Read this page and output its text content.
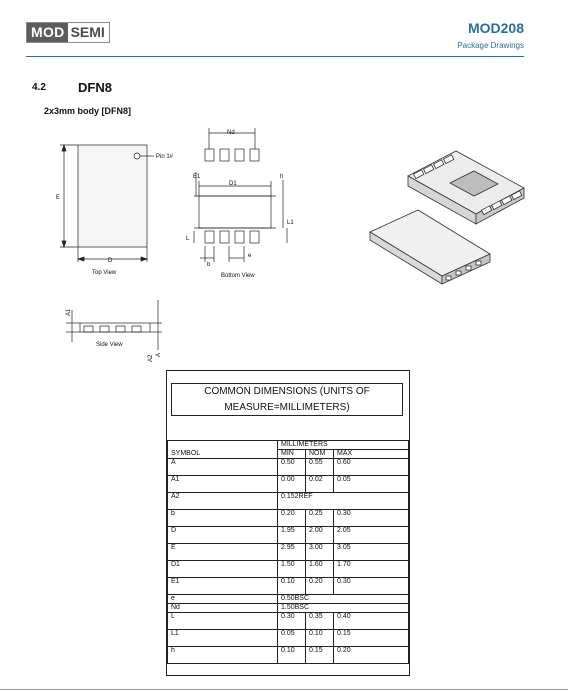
MOD SEMI	MOD208
Package Drawings
4.2 DFN8
2x3mm body [DFN8]
Pin 1#
E
D
Top View
Nd
D1
E1	h
L1
L
b
e
Bottom View
A1
A2 A
Side View
COMMON DIMENSIONS (UNITS OF
MEASURE=MILLIMETERS)
	MILLIMETERS		
SYMBOL	MIN	NOM	MAX
A	0.50	0.55	0.60
A1	0.00	0.02	0.05
A2	0.152REF		
b	0.20	0.25	0.30
D	1.95	2.00	2.05
E	2.95	3.00	3.05
D1	1.50	1.60	1.70
E1	0.10	0.20	0.30
e	0.50BSC		
Nd	1.50BSC		
L	0.30	0.35	0.40
L1	0.05	0.10	0.15
h	0.10	0.15	0.20
